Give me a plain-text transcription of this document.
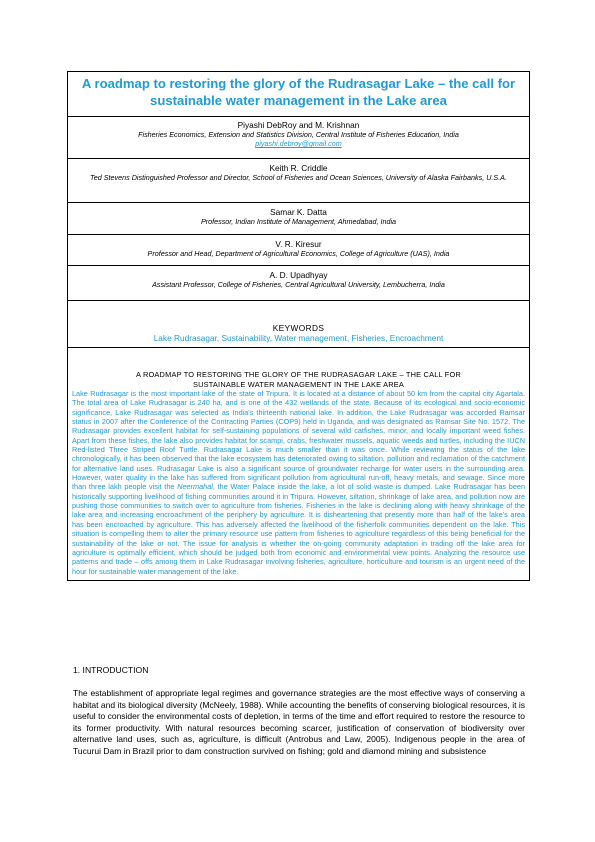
A roadmap to restoring the glory of the Rudrasagar Lake – the call for sustainable water management in the Lake area
Piyashi DebRoy and M. Krishnan
Fisheries Economics, Extension and Statistics Division, Central Institute of Fisheries Education, India
piyashi.debroy@gmail.com
Keith R. Criddle
Ted Stevens Distinguished Professor and Director, School of Fisheries and Ocean Sciences, University of Alaska Fairbanks, U.S.A.
Samar K. Datta
Professor, Indian Institute of Management, Ahmedabad, India
V. R. Kiresur
Professor and Head, Department of Agricultural Economics, College of Agriculture (UAS), India
A. D. Upadhyay
Assistant Professor, College of Fisheries, Central Agricultural University, Lembucherra, India
KEYWORDS
Lake Rudrasagar, Sustainability, Water management, Fisheries, Encroachment
A ROADMAP TO RESTORING THE GLORY OF THE RUDRASAGAR LAKE – THE CALL FOR
SUSTAINABLE WATER MANAGEMENT IN THE LAKE AREA
Lake Rudrasagar is the most important lake of the state of Tripura. It is located at a distance of about 50 km from the capital city Agartala. The total area of Lake Rudrasagar is 240 ha, and is one of the 432 wetlands of the state. Because of its ecological and socio-economic significance, Lake Rudrasagar was selected as India's thirteenth national lake. In addition, the Lake Rudrasagar was accorded Ramsar status in 2007 after the Conference of the Contracting Parties (COP9) held in Uganda, and was designated as Ramsar Site No. 1572. The Rudrasagar provides excellent habitat for self-sustaining populations of several wild catfishes, minor, and locally important weed fishes. Apart from these fishes, the lake also provides habitat for scampi, crabs, freshwater mussels, aquatic weeds and turtles, including the IUCN Red-listed Three Striped Roof Turtle. Rudrasagar Lake is much smaller than it was once. While reviewing the status of the lake chronologically, it has been observed that the lake ecosystem has deteriorated owing to siltation, pollution and reclamation of the catchment for alternative land uses. Rudrasagar Lake is also a significant source of groundwater recharge for water users in the surrounding area. However, water quality in the lake has suffered from significant pollution from agricultural run-off, heavy metals, and sewage. Since more than three lakh people visit the Neermahal, the Water Palace inside the lake, a lot of solid waste is dumped. Lake Rudrasagar has been historically supporting livelihood of fishing communities around it in Tripura. However, siltation, shrinkage of lake area, and pollution now are pushing those communities to switch over to agriculture from fisheries. Fisheries in the lake is declining along with heavy shrinkage of the lake area and increasing encroachment of the periphery by agriculture. It is disheartening that presently more than half of the lake's area has been encroached by agriculture. This has adversely affected the livelihood of the fisherfolk communities dependent on the lake. This situation is compelling them to alter the primary resource use pattern from fisheries to agriculture regardless of this being beneficial for the sustainability of the lake or not. The issue for analysis is whether the on-going community adaptation in trading off the lake area for agriculture is optimally efficient, which should be judged both from economic and environmental view points. Analyzing the resource use patterns and trade – offs among them in Lake Rudrasagar involving fisheries, agriculture, horticulture and tourism is an urgent need of the hour for sustainable water management of the lake.
1. INTRODUCTION
The establishment of appropriate legal regimes and governance strategies are the most effective ways of conserving a habitat and its biological diversity (McNeely, 1988). While accounting the benefits of conserving biological resources, it is useful to consider the environmental costs of depletion, in terms of the time and effort required to restore the resource to its former productivity. With natural resources becoming scarcer, justification of conservation of biodiversity over alternative land uses, such as, agriculture, is difficult (Antrobus and Law, 2005). Indigenous people in the area of Tucurui Dam in Brazil prior to dam construction survived on fishing; gold and diamond mining and subsistence
